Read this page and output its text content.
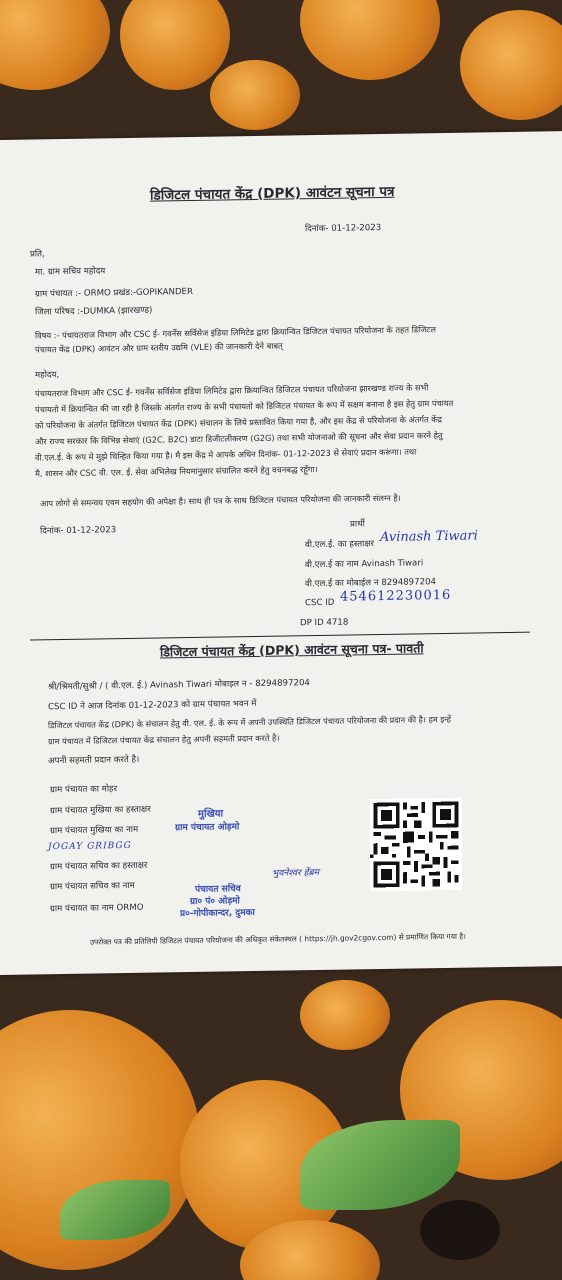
डिजिटल पंचायत केंद्र (DPK) आवंटन सूचना पत्र
दिनांक- 01-12-2023
प्रति,
मा. ग्राम सचिव महोदय
ग्राम पंचायत :- ORMO प्रखंड:-GOPIKANDER
जिला परिषद :-DUMKA (झारखण्ड)
विषय :- पंचायतराज विभाग और CSC ई- गवर्नेंस सर्विसेज इंडिया लिमिटेड द्वारा क्रियान्वित डिजिटल पंचायत परियोजना के तहत डिजिटल
पंचायत केंद्र (DPK) आवंटन और ग्राम स्तरीय उद्यमि (VLE) की जानकारी देने बाबत्
महोदय,
पंचायतराज विभाग और CSC ई- गवर्नेंस सर्विसेज इंडिया लिमिटेड द्वारा क्रियान्वित डिजिटल पंचायत परियोजना झारखण्ड राज्य के सभी
पंचायतो में क्रियान्वित की जा रही है जिसके अंतर्गत राज्य के सभी पंचायतो को डिजिटल पंचायत के रूप में सक्षम बनाना है इस हेतु ग्राम पंचायत
को परियोजना के अंतर्गत डिजिटल पंचायत केंद्र (DPK) संचालन के लिये प्रस्तावित किया गया है, और इस केंद्र से परियोजना के अंतर्गत केंद्र
और राज्य सरकार कि विभिन्न सेवाएं (G2C, B2C) डाटा डिजीटलीकरण (G2G) तथा सभी योजनाओ की सूचना और सेवा प्रदान करने हेतु
वी.एल.ई. के रूप मे मुझे चिन्हित किया गया है। मै इस केंद्र मे आपके अधिन दिनांक- 01-12-2023 से सेवाएं प्रदान करूंगा। तथा
मै, शासन और CSC वी. एल. ई. सेवा अभिलेख नियमानुसार संचालित करने हेतु वचनबद्ध रहूँगा।
आप लोगो से समन्वय एवम सहयोग की अपेक्षा है। साथ ही पत्र के साथ डिजिटल पंचायत परियोजना की जानकारी संलग्न है।
दिनांक- 01-12-2023
प्रार्थी
वी.एल.ई. का हस्ताक्षर Avinash Tiwari
वी.एल.ई का नाम Avinash Tiwari
वी.एल.ई का मोबाईल न 8294897204
CSC ID 454612230016
DP ID 4718
डिजिटल पंचायत केंद्र (DPK) आवंटन सूचना पत्र- पावती
श्री/श्रिमती/सुश्री / ( वी.एल. ई.) Avinash Tiwari मोबाइल न - 8294897204
CSC ID ने आज दिनांक 01-12-2023 को ग्राम पंचायत भवन में
डिजिटल पंचायत केंद्र (DPK) के संचालन हेतु वी. एल. ई. के रूप में अपनी उपस्थिति डिजिटल पंचायत परियोजना की प्रदान की है। हम इन्हें
ग्राम पंचायत में डिजिटल पंचायत केंद्र संचालन हेतु अपनी सहमती प्रदान करते है।
अपनी सहमती प्रदान करते है।
ग्राम पंचायत का मोहर
ग्राम पंचायत मुखिया का हस्ताक्षर
ग्राम पंचायत मुखिया का नाम
JOGAY GRIBGG
ग्राम पंचायत सचिव का हस्ताक्षर
ग्राम पंचायत सचिव का नाम
ग्राम पंचायत का नाम ORMO
मुखिया
ग्राम पंचायत ओड़मो
पंचायत सचिव
ग्रा० पं० ओड़मो
प्र०-गोपीकान्दर, दुमका
भुवनेश्वर हेंब्रम
उपरोक्त पत्र की प्रतिलिपी डिजिटल पंचायत परियोजना की अधिकृत संकेतस्थल ( https://jh.gov2cgov.com) से प्रमाणित किया गया है।
